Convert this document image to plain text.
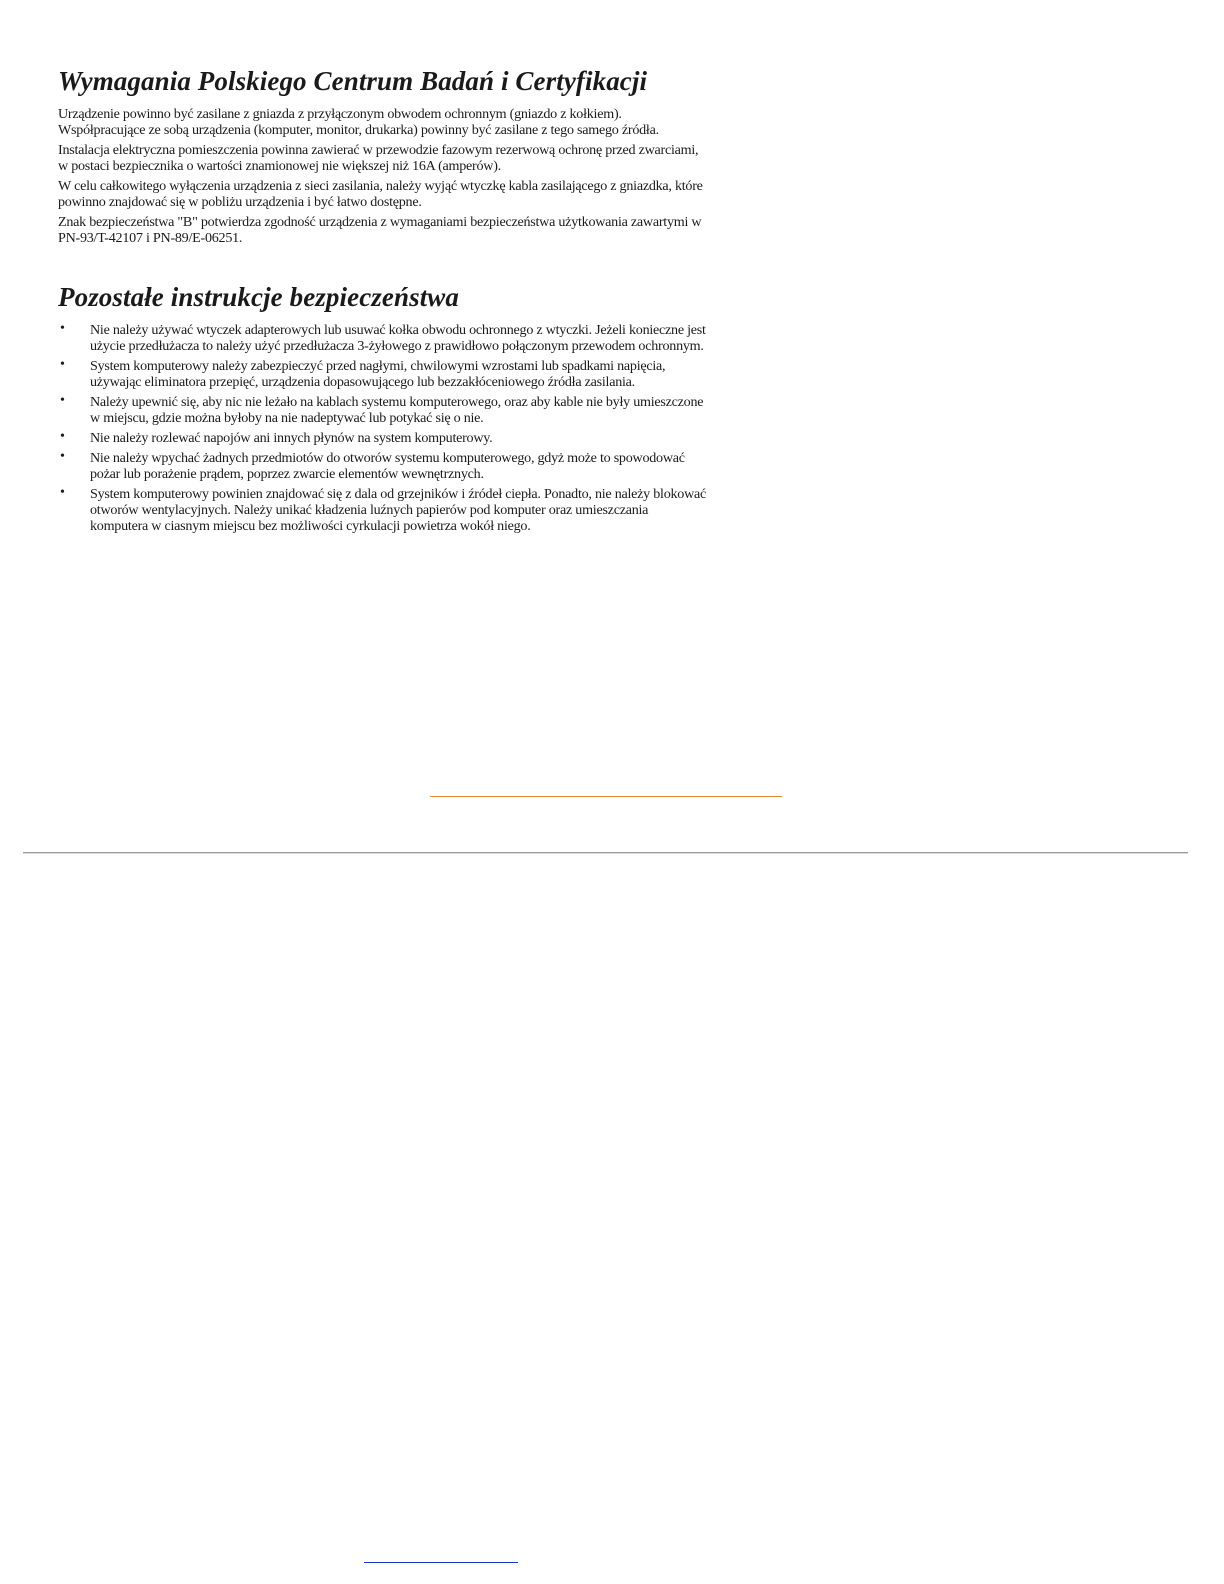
Wymagania Polskiego Centrum Badań i Certyfikacji

Urządzenie powinno być zasilane z gniazda z przyłączonym obwodem ochronnym (gniazdo z kołkiem). Współpracujące ze sobą urządzenia (komputer, monitor, drukarka) powinny być zasilane z tego samego źródła.

Instalacja elektryczna pomieszczenia powinna zawierać w przewodzie fazowym rezerwową ochronę przed zwarciami, w postaci bezpiecznika o wartości znamionowej nie większej niż 16A (amperów).

W celu całkowitego wyłączenia urządzenia z sieci zasilania, należy wyjąć wtyczkę kabla zasilającego z gniazdka, które powinno znajdować się w pobliżu urządzenia i być łatwo dostępne.

Znak bezpieczeństwa "B" potwierdza zgodność urządzenia z wymaganiami bezpieczeństwa użytkowania zawartymi w PN-93/T-42107 i PN-89/E-06251.

Pozostałe instrukcje bezpieczeństwa
• Nie należy używać wtyczek adapterowych lub usuwać kołka obwodu ochronnego z wtyczki. Jeżeli konieczne jest użycie przedłużacza to należy użyć przedłużacza 3-żyłowego z prawidłowo połączonym przewodem ochronnym.
• System komputerowy należy zabezpieczyć przed nagłymi, chwilowymi wzrostami lub spadkami napięcia, używając eliminatora przepięć, urządzenia dopasowującego lub bezzakłóceniowego źródła zasilania.
• Należy upewnić się, aby nic nie leżało na kablach systemu komputerowego, oraz aby kable nie były umieszczone w miejscu, gdzie można byłoby na nie nadeptywać lub potykać się o nie.
• Nie należy rozlewać napojów ani innych płynów na system komputerowy.
• Nie należy wpychać żadnych przedmiotów do otworów systemu komputerowego, gdyż może to spowodować pożar lub porażenie prądem, poprzez zwarcie elementów wewnętrznych.
• System komputerowy powinien znajdować się z dala od grzejników i źródeł ciepła. Ponadto, nie należy blokować otworów wentylacyjnych. Należy unikać kładzenia luźnych papierów pod komputer oraz umieszczania komputera w ciasnym miejscu bez możliwości cyrkulacji powietrza wokół niego.
